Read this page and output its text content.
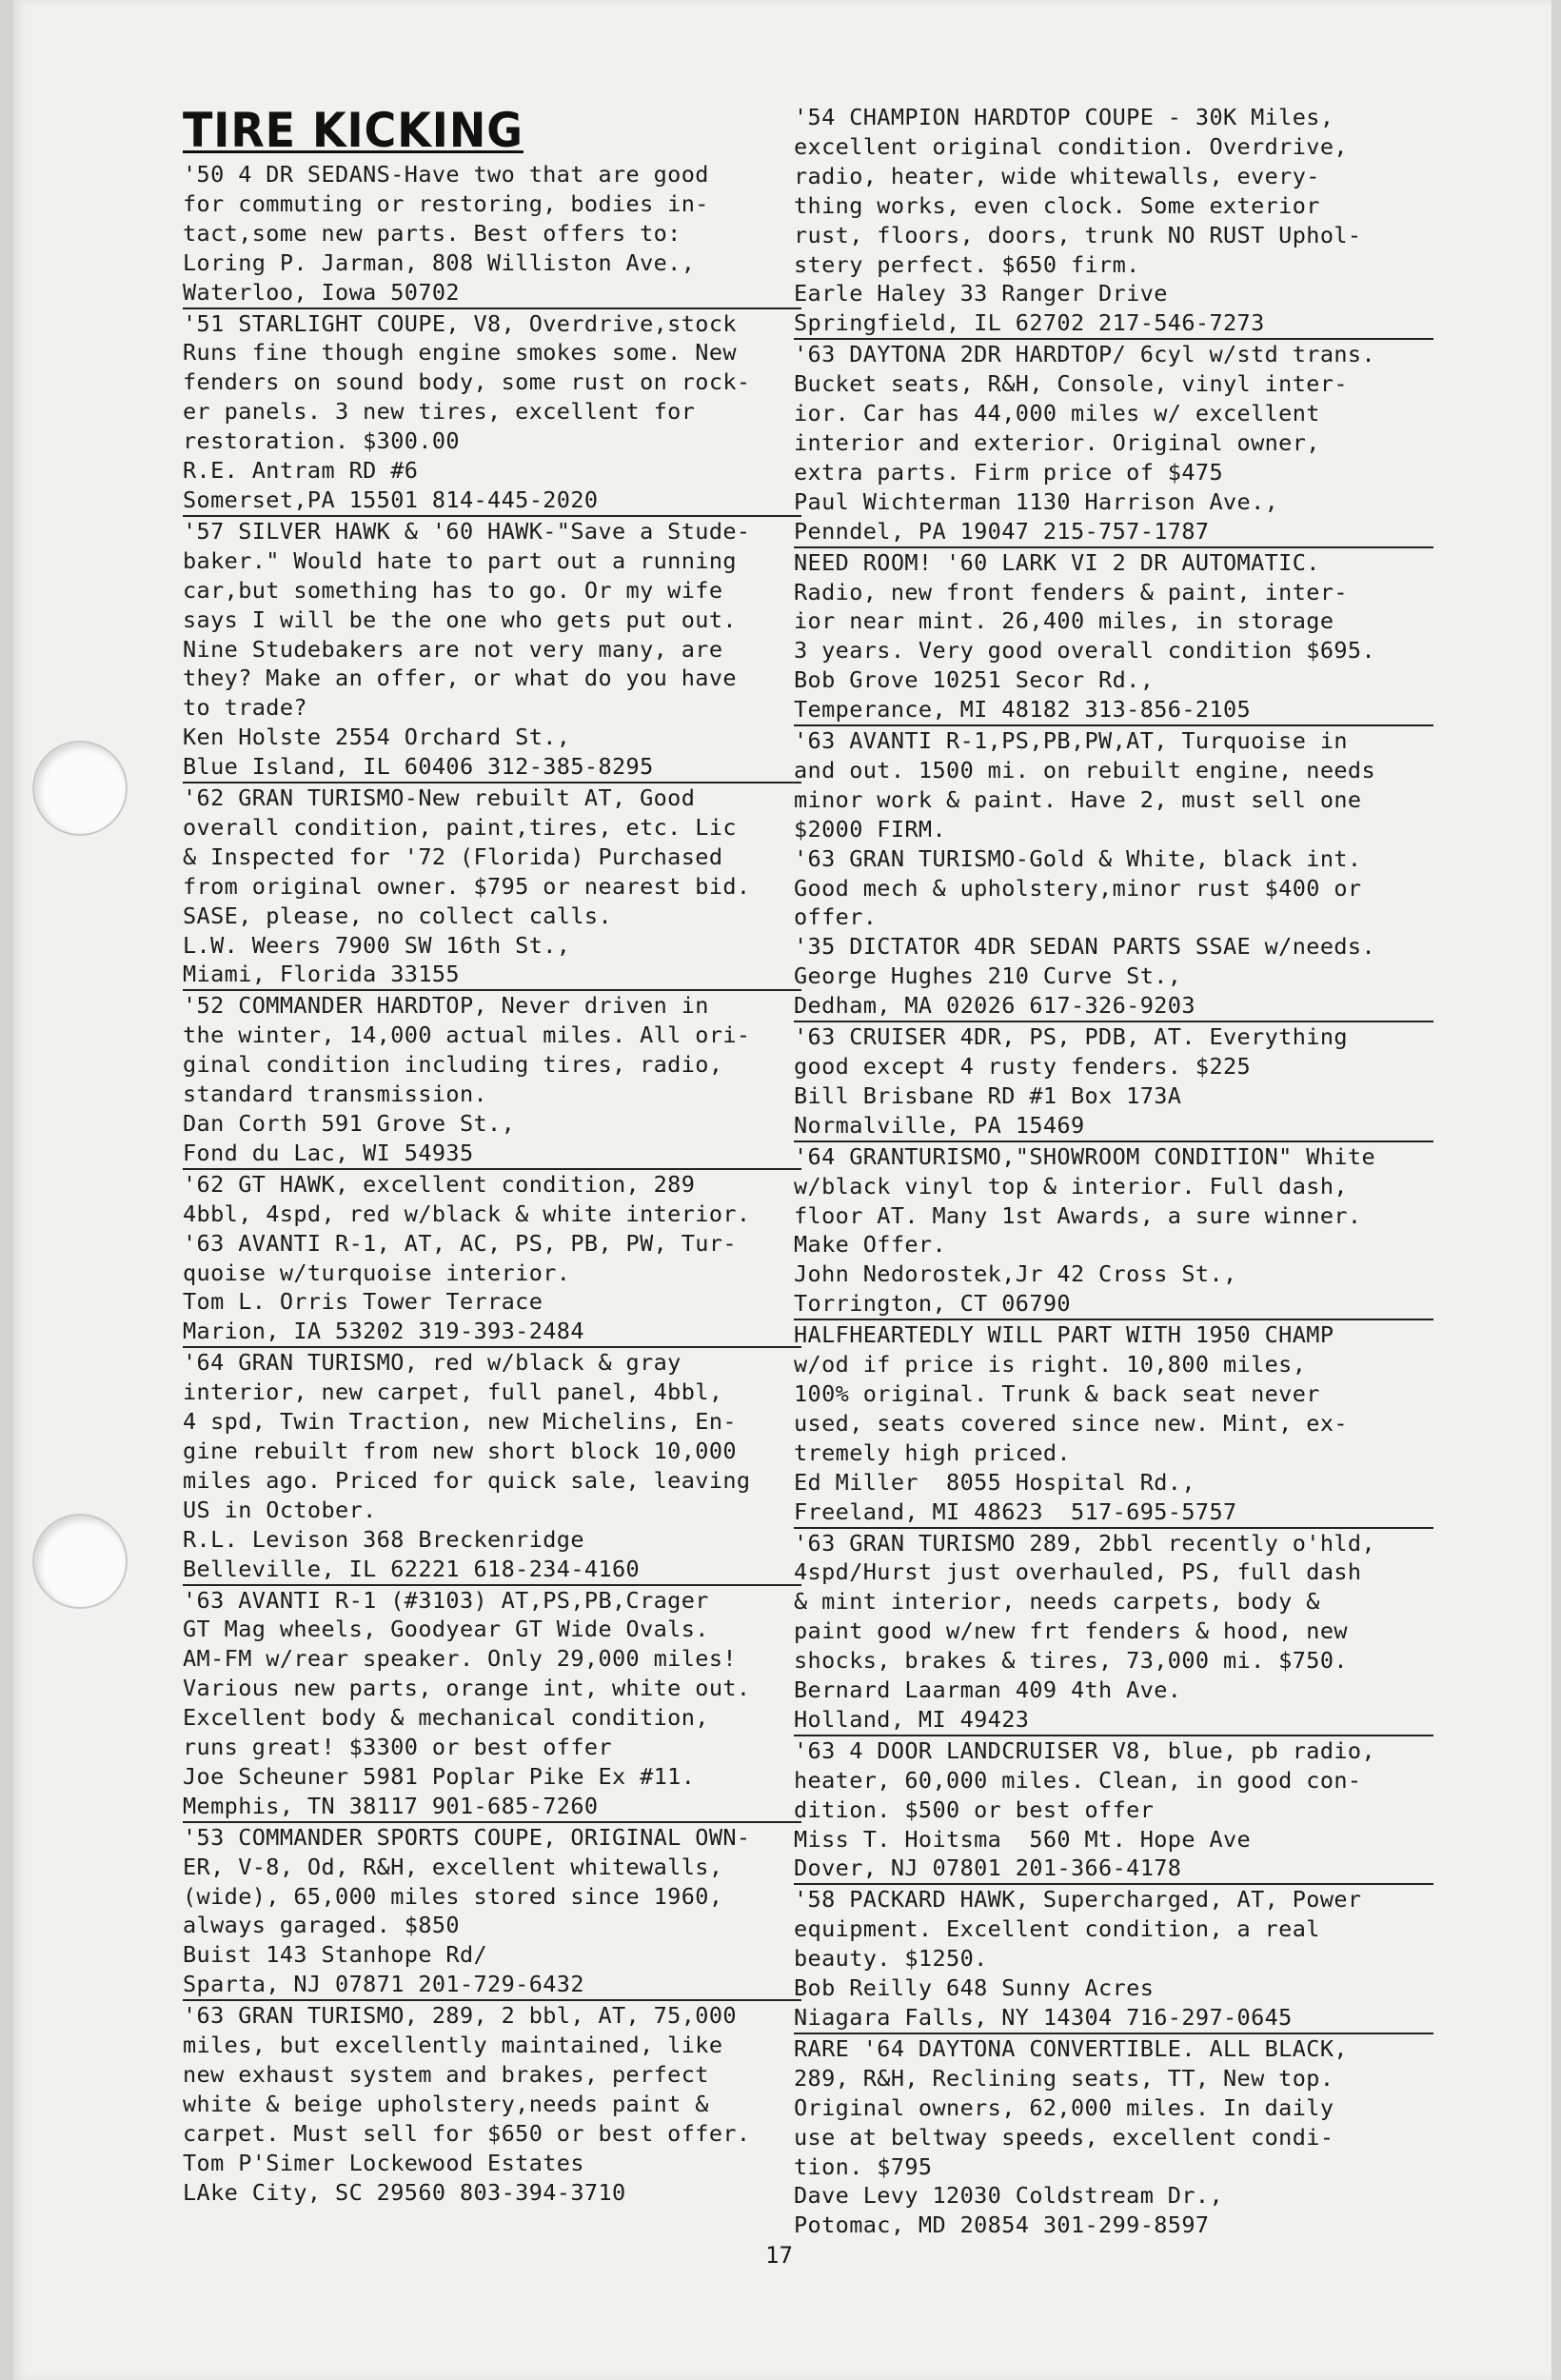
TIRE KICKING

'50 4 DR SEDANS-Have two that are good
for commuting or restoring, bodies in-
tact,some new parts. Best offers to:
Loring P. Jarman, 808 Williston Ave.,

Waterloo, Iowa 50702

'51 STARLIGHT COUPE, V8, Overdrive,stock
Runs fine though engine smokes some. New
fenders on sound body, some rust on rock-
er panels. 3 new tires, excellent for
restoration. $300.00
R.E. Antram RD #6

Somerset,PA 15501 814-445-2020

'57 SILVER HAWK & '60 HAWK-"Save a Stude-
baker." Would hate to part out a running
car,but something has to go. Or my wife
says I will be the one who gets put out.
Nine Studebakers are not very many, are
they? Make an offer, or what do you have
to trade?
Ken Holste 2554 Orchard St.,

Blue Island, IL 60406 312-385-8295

'62 GRAN TURISMO-New rebuilt AT, Good
overall condition, paint,tires, etc. Lic
& Inspected for '72 (Florida) Purchased
from original owner. $795 or nearest bid.
SASE, please, no collect calls.
L.W. Weers 7900 SW 16th St.,

Miami, Florida 33155

'52 COMMANDER HARDTOP, Never driven in
the winter, 14,000 actual miles. All ori-
ginal condition including tires, radio,
standard transmission.
Dan Corth 591 Grove St.,

Fond du Lac, WI 54935

'62 GT HAWK, excellent condition, 289
4bbl, 4spd, red w/black & white interior.
'63 AVANTI R-1, AT, AC, PS, PB, PW, Tur-
quoise w/turquoise interior.
Tom L. Orris Tower Terrace

Marion, IA 53202 319-393-2484

'64 GRAN TURISMO, red w/black & gray
interior, new carpet, full panel, 4bbl,
4 spd, Twin Traction, new Michelins, En-
gine rebuilt from new short block 10,000
miles ago. Priced for quick sale, leaving
US in October.
R.L. Levison 368 Breckenridge

Belleville, IL 62221 618-234-4160

'63 AVANTI R-1 (#3103) AT,PS,PB,Crager
GT Mag wheels, Goodyear GT Wide Ovals.
AM-FM w/rear speaker. Only 29,000 miles!
Various new parts, orange int, white out.
Excellent body & mechanical condition,
runs great! $3300 or best offer
Joe Scheuner 5981 Poplar Pike Ex #11.

Memphis, TN 38117 901-685-7260

'53 COMMANDER SPORTS COUPE, ORIGINAL OWN-
ER, V-8, Od, R&H, excellent whitewalls,
(wide), 65,000 miles stored since 1960,
always garaged. $850
Buist 143 Stanhope Rd/

Sparta, NJ 07871 201-729-6432

'63 GRAN TURISMO, 289, 2 bbl, AT, 75,000
miles, but excellently maintained, like
new exhaust system and brakes, perfect
white & beige upholstery,needs paint &
carpet. Must sell for $650 or best offer.
Tom P'Simer Lockewood Estates
LAke City, SC 29560 803-394-3710

'54 CHAMPION HARDTOP COUPE - 30K Miles,
excellent original condition. Overdrive,
radio, heater, wide whitewalls, every-
thing works, even clock. Some exterior
rust, floors, doors, trunk NO RUST Uphol-
stery perfect. $650 firm.
Earle Haley 33 Ranger Drive

Springfield, IL 62702 217-546-7273

'63 DAYTONA 2DR HARDTOP/ 6cyl w/std trans.
Bucket seats, R&H, Console, vinyl inter-
ior. Car has 44,000 miles w/ excellent
interior and exterior. Original owner,
extra parts. Firm price of $475
Paul Wichterman 1130 Harrison Ave.,

Penndel, PA 19047 215-757-1787

NEED ROOM! '60 LARK VI 2 DR AUTOMATIC.
Radio, new front fenders & paint, inter-
ior near mint. 26,400 miles, in storage
3 years. Very good overall condition $695.
Bob Grove 10251 Secor Rd.,

Temperance, MI 48182 313-856-2105

'63 AVANTI R-1,PS,PB,PW,AT, Turquoise in
and out. 1500 mi. on rebuilt engine, needs
minor work & paint. Have 2, must sell one
$2000 FIRM.
'63 GRAN TURISMO-Gold & White, black int.
Good mech & upholstery,minor rust $400 or
offer.
'35 DICTATOR 4DR SEDAN PARTS SSAE w/needs.
George Hughes 210 Curve St.,

Dedham, MA 02026 617-326-9203

'63 CRUISER 4DR, PS, PDB, AT. Everything
good except 4 rusty fenders. $225
Bill Brisbane RD #1 Box 173A

Normalville, PA 15469

'64 GRANTURISMO,"SHOWROOM CONDITION" White
w/black vinyl top & interior. Full dash,
floor AT. Many 1st Awards, a sure winner.
Make Offer.
John Nedorostek,Jr 42 Cross St.,

Torrington, CT 06790

HALFHEARTEDLY WILL PART WITH 1950 CHAMP
w/od if price is right. 10,800 miles,
100% original. Trunk & back seat never
used, seats covered since new. Mint, ex-
tremely high priced.
Ed Miller  8055 Hospital Rd.,

Freeland, MI 48623  517-695-5757

'63 GRAN TURISMO 289, 2bbl recently o'hld,
4spd/Hurst just overhauled, PS, full dash
& mint interior, needs carpets, body &
paint good w/new frt fenders & hood, new
shocks, brakes & tires, 73,000 mi. $750.
Bernard Laarman 409 4th Ave.

Holland, MI 49423

'63 4 DOOR LANDCRUISER V8, blue, pb radio,
heater, 60,000 miles. Clean, in good con-
dition. $500 or best offer
Miss T. Hoitsma  560 Mt. Hope Ave

Dover, NJ 07801 201-366-4178

'58 PACKARD HAWK, Supercharged, AT, Power
equipment. Excellent condition, a real
beauty. $1250.
Bob Reilly 648 Sunny Acres

Niagara Falls, NY 14304 716-297-0645

RARE '64 DAYTONA CONVERTIBLE. ALL BLACK,
289, R&H, Reclining seats, TT, New top.
Original owners, 62,000 miles. In daily
use at beltway speeds, excellent condi-
tion. $795
Dave Levy 12030 Coldstream Dr.,
Potomac, MD 20854 301-299-8597

17
